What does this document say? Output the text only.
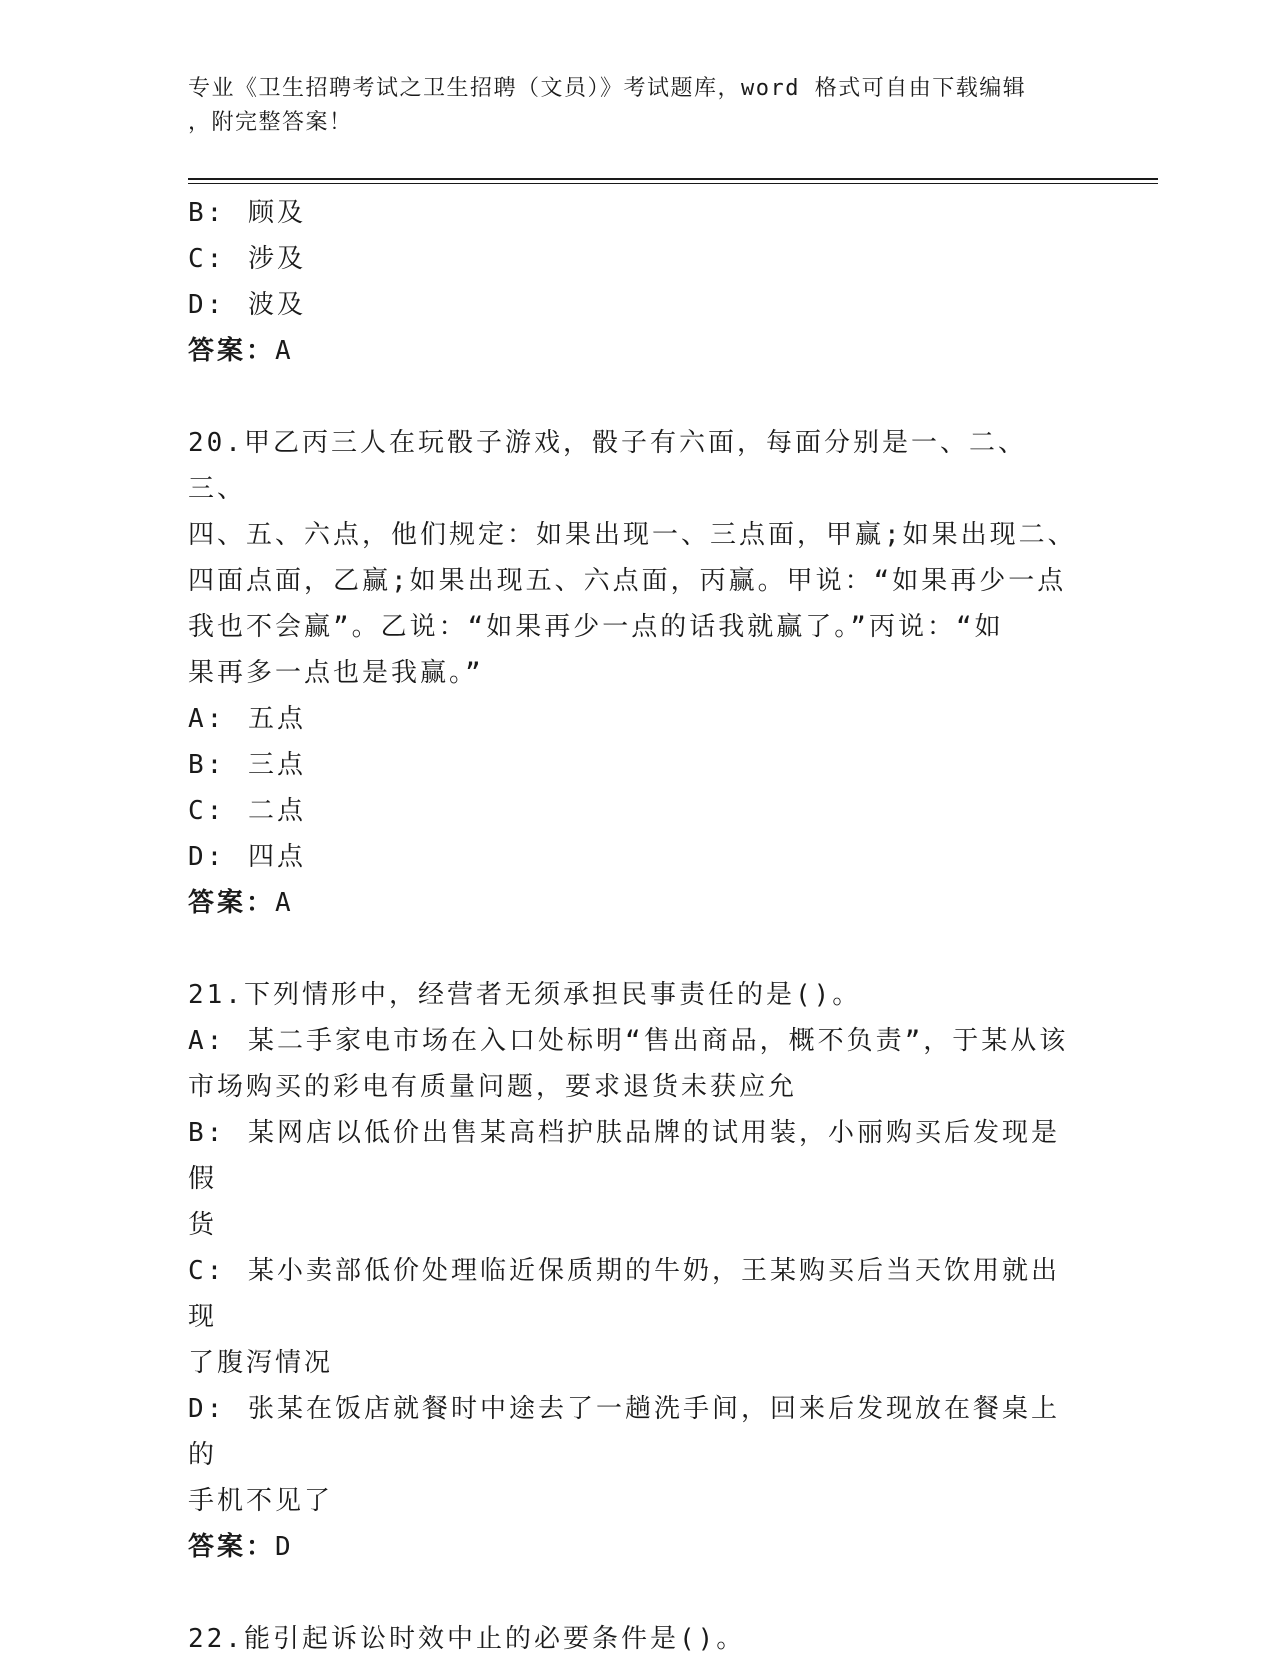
专业《卫生招聘考试之卫生招聘（文员）》考试题库，word 格式可自由下载编辑
，附完整答案！
B: 顾及
C: 涉及
D: 波及
答案：A
20.甲乙丙三人在玩骰子游戏，骰子有六面，每面分别是一、二、三、
四、五、六点，他们规定：如果出现一、三点面，甲赢;如果出现二、
四面点面，乙赢;如果出现五、六点面，丙赢。甲说：“如果再少一点
我也不会赢”。乙说：“如果再少一点的话我就赢了。”丙说：“如
果再多一点也是我赢。”
A: 五点
B: 三点
C: 二点
D: 四点
答案：A
21.下列情形中，经营者无须承担民事责任的是()。
A: 某二手家电市场在入口处标明“售出商品，概不负责”，于某从该
市场购买的彩电有质量问题，要求退货未获应允
B: 某网店以低价出售某高档护肤品牌的试用装，小丽购买后发现是假
货
C: 某小卖部低价处理临近保质期的牛奶，王某购买后当天饮用就出现
了腹泻情况
D: 张某在饭店就餐时中途去了一趟洗手间，回来后发现放在餐桌上的
手机不见了
答案：D
22.能引起诉讼时效中止的必要条件是()。
